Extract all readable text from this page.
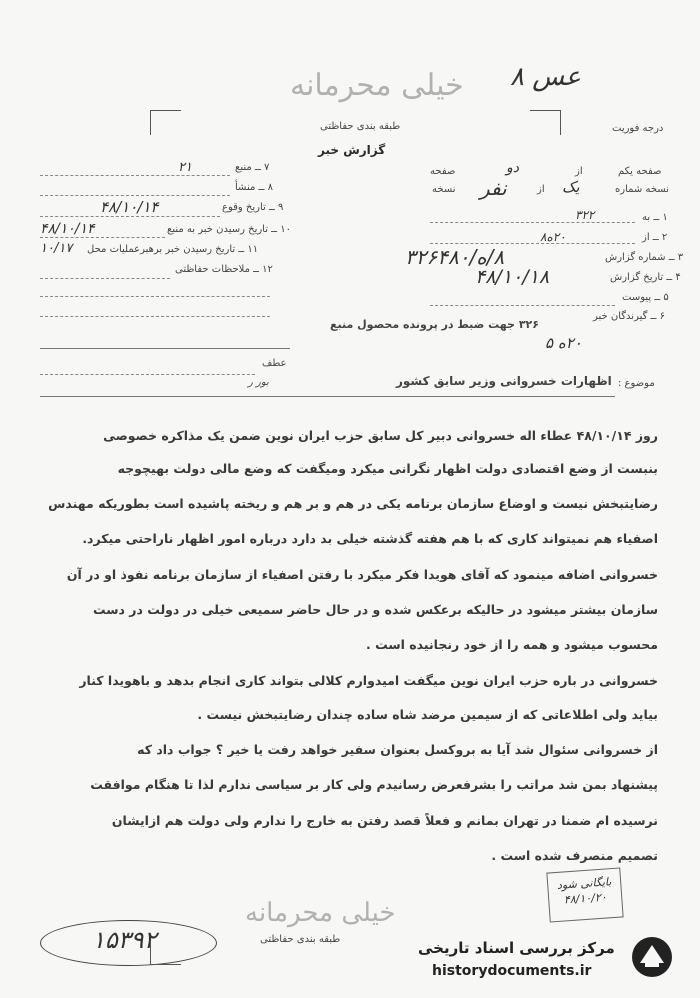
خیلی محرمانه عس ۸
طبقه بندی حفاظتی	درجه فوریت
گزارش خبر
۷ ــ منبع
۲۱
۸ ــ منشأ
۹ ــ تاریخ وقوع
۴۸/۱۰/۱۴
۱۰ ــ تاریخ رسیدن خبر به منبع
۴۸/۱۰/۱۴
۱۱ ــ تاریخ رسیدن خبر برهبرعملیات محل
۱۰/۱۷
۱۲ ــ ملاحظات حفاظتی
صفحه یکم
صفحه	دو	از
نسخه شماره
یک
از
نفر
نسخه
۱ ــ به
۳۲۲
۲ ــ از
۲۰ه۸
۳ ــ شماره گزارش
۸/ه/۳۲۶۴۸۰
۴ ــ تاریخ گزارش
۴۸/۱۰/۱۸
۵ ــ پیوست
۶ ــ گیرندگان خبر
۳۲۶ جهت ضبط در پرونده محصول منبع
۲۰ه ۵
عطف
بور ر	موضوع :
اظهارات خسروانی وزیر سابق کشور
روز ۴۸/۱۰/۱۴ عطاء اله خسروانی دبیر کل سابق حزب ایران نوین ضمن یک مذاکره خصوصی
بنبست از وضع اقتصادی دولت اظهار نگرانی میکرد ومیگفت که وضع مالی دولت بهیچوجه
رضایتبخش نیست و اوضاع سازمان برنامه یکی در هم و بر هم و ریخته پاشیده است بطوریکه مهندس
اصفیاء هم نمیتواند کاری که با هم هفته گذشته خیلی بد دارد درباره امور اظهار ناراحتی میکرد.
خسروانی اضافه مینمود که آقای هویدا فکر میکرد با رفتن اصفیاء از سازمان برنامه نفوذ او در آن
سازمان بیشتر میشود در حالیکه برعکس شده و در حال حاضر سمیعی خیلی در دولت در دست
محسوب میشود و همه را از خود رنجانیده است .
خسروانی در باره حزب ایران نوین میگفت امیدوارم کلالی بتواند کاری انجام بدهد و باهویدا کنار
بیاید ولی اطلاعاتی که از سیمین مرضد شاه ساده چندان رضایتبخش نیست .
از خسروانی سئوال شد آیا به بروکسل بعنوان سفیر خواهد رفت یا خیر ؟ جواب داد که
پیشنهاد بمن شد مراتب را بشرفعرض رسانیدم ولی کار بر سیاسی ندارم لذا تا هنگام موافقت
نرسیده ام ضمنا در تهران بمانم و فعلاً قصد رفتن به خارج را ندارم ولی دولت هم ازایشان
تصمیم منصرف شده است .
بایگانی شود
۴۸/۱۰/۲۰
خیلی محرمانه
طبقه بندی حفاظتی
۱۵۳۹۲	مرکز بررسی اسناد تاریخی
historydocuments.ir
